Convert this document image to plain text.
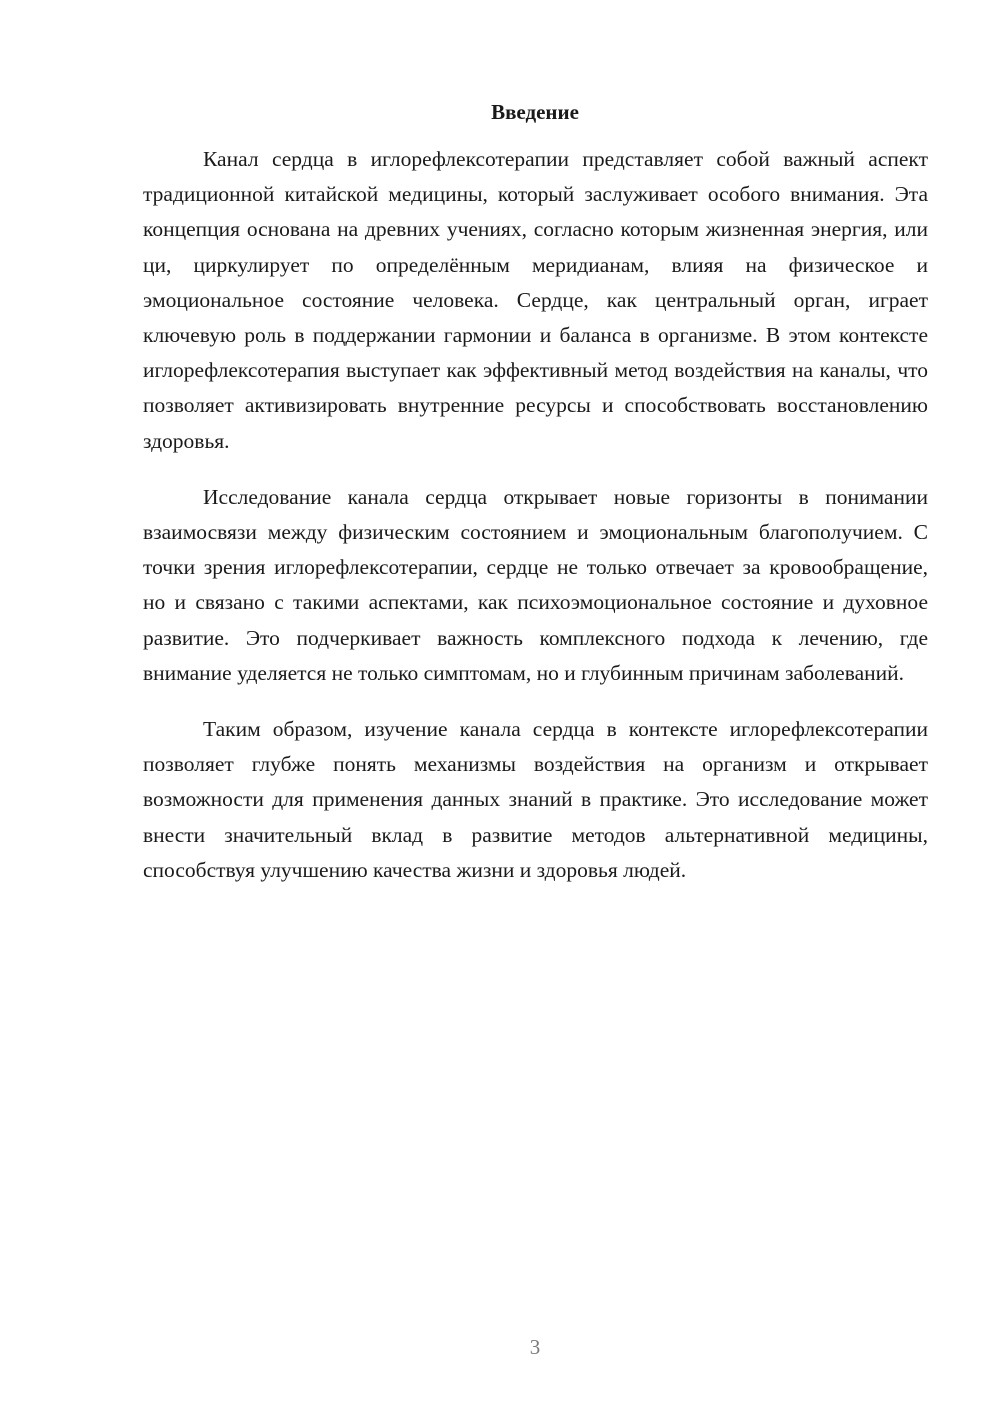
Введение

Канал сердца в иглорефлексотерапии представляет собой важный аспект традиционной китайской медицины, который заслуживает особого внимания. Эта концепция основана на древних учениях, согласно которым жизненная энергия, или ци, циркулирует по определённым меридианам, влияя на физическое и эмоциональное состояние человека. Сердце, как центральный орган, играет ключевую роль в поддержании гармонии и баланса в организме. В этом контексте иглорефлексотерапия выступает как эффективный метод воздействия на каналы, что позволяет активизировать внутренние ресурсы и способствовать восстановлению здоровья.

Исследование канала сердца открывает новые горизонты в понимании взаимосвязи между физическим состоянием и эмоциональным благополучием. С точки зрения иглорефлексотерапии, сердце не только отвечает за кровообращение, но и связано с такими аспектами, как психоэмоциональное состояние и духовное развитие. Это подчеркивает важность комплексного подхода к лечению, где внимание уделяется не только симптомам, но и глубинным причинам заболеваний.

Таким образом, изучение канала сердца в контексте иглорефлексотерапии позволяет глубже понять механизмы воздействия на организм и открывает возможности для применения данных знаний в практике. Это исследование может внести значительный вклад в развитие методов альтернативной медицины, способствуя улучшению качества жизни и здоровья людей.

3
